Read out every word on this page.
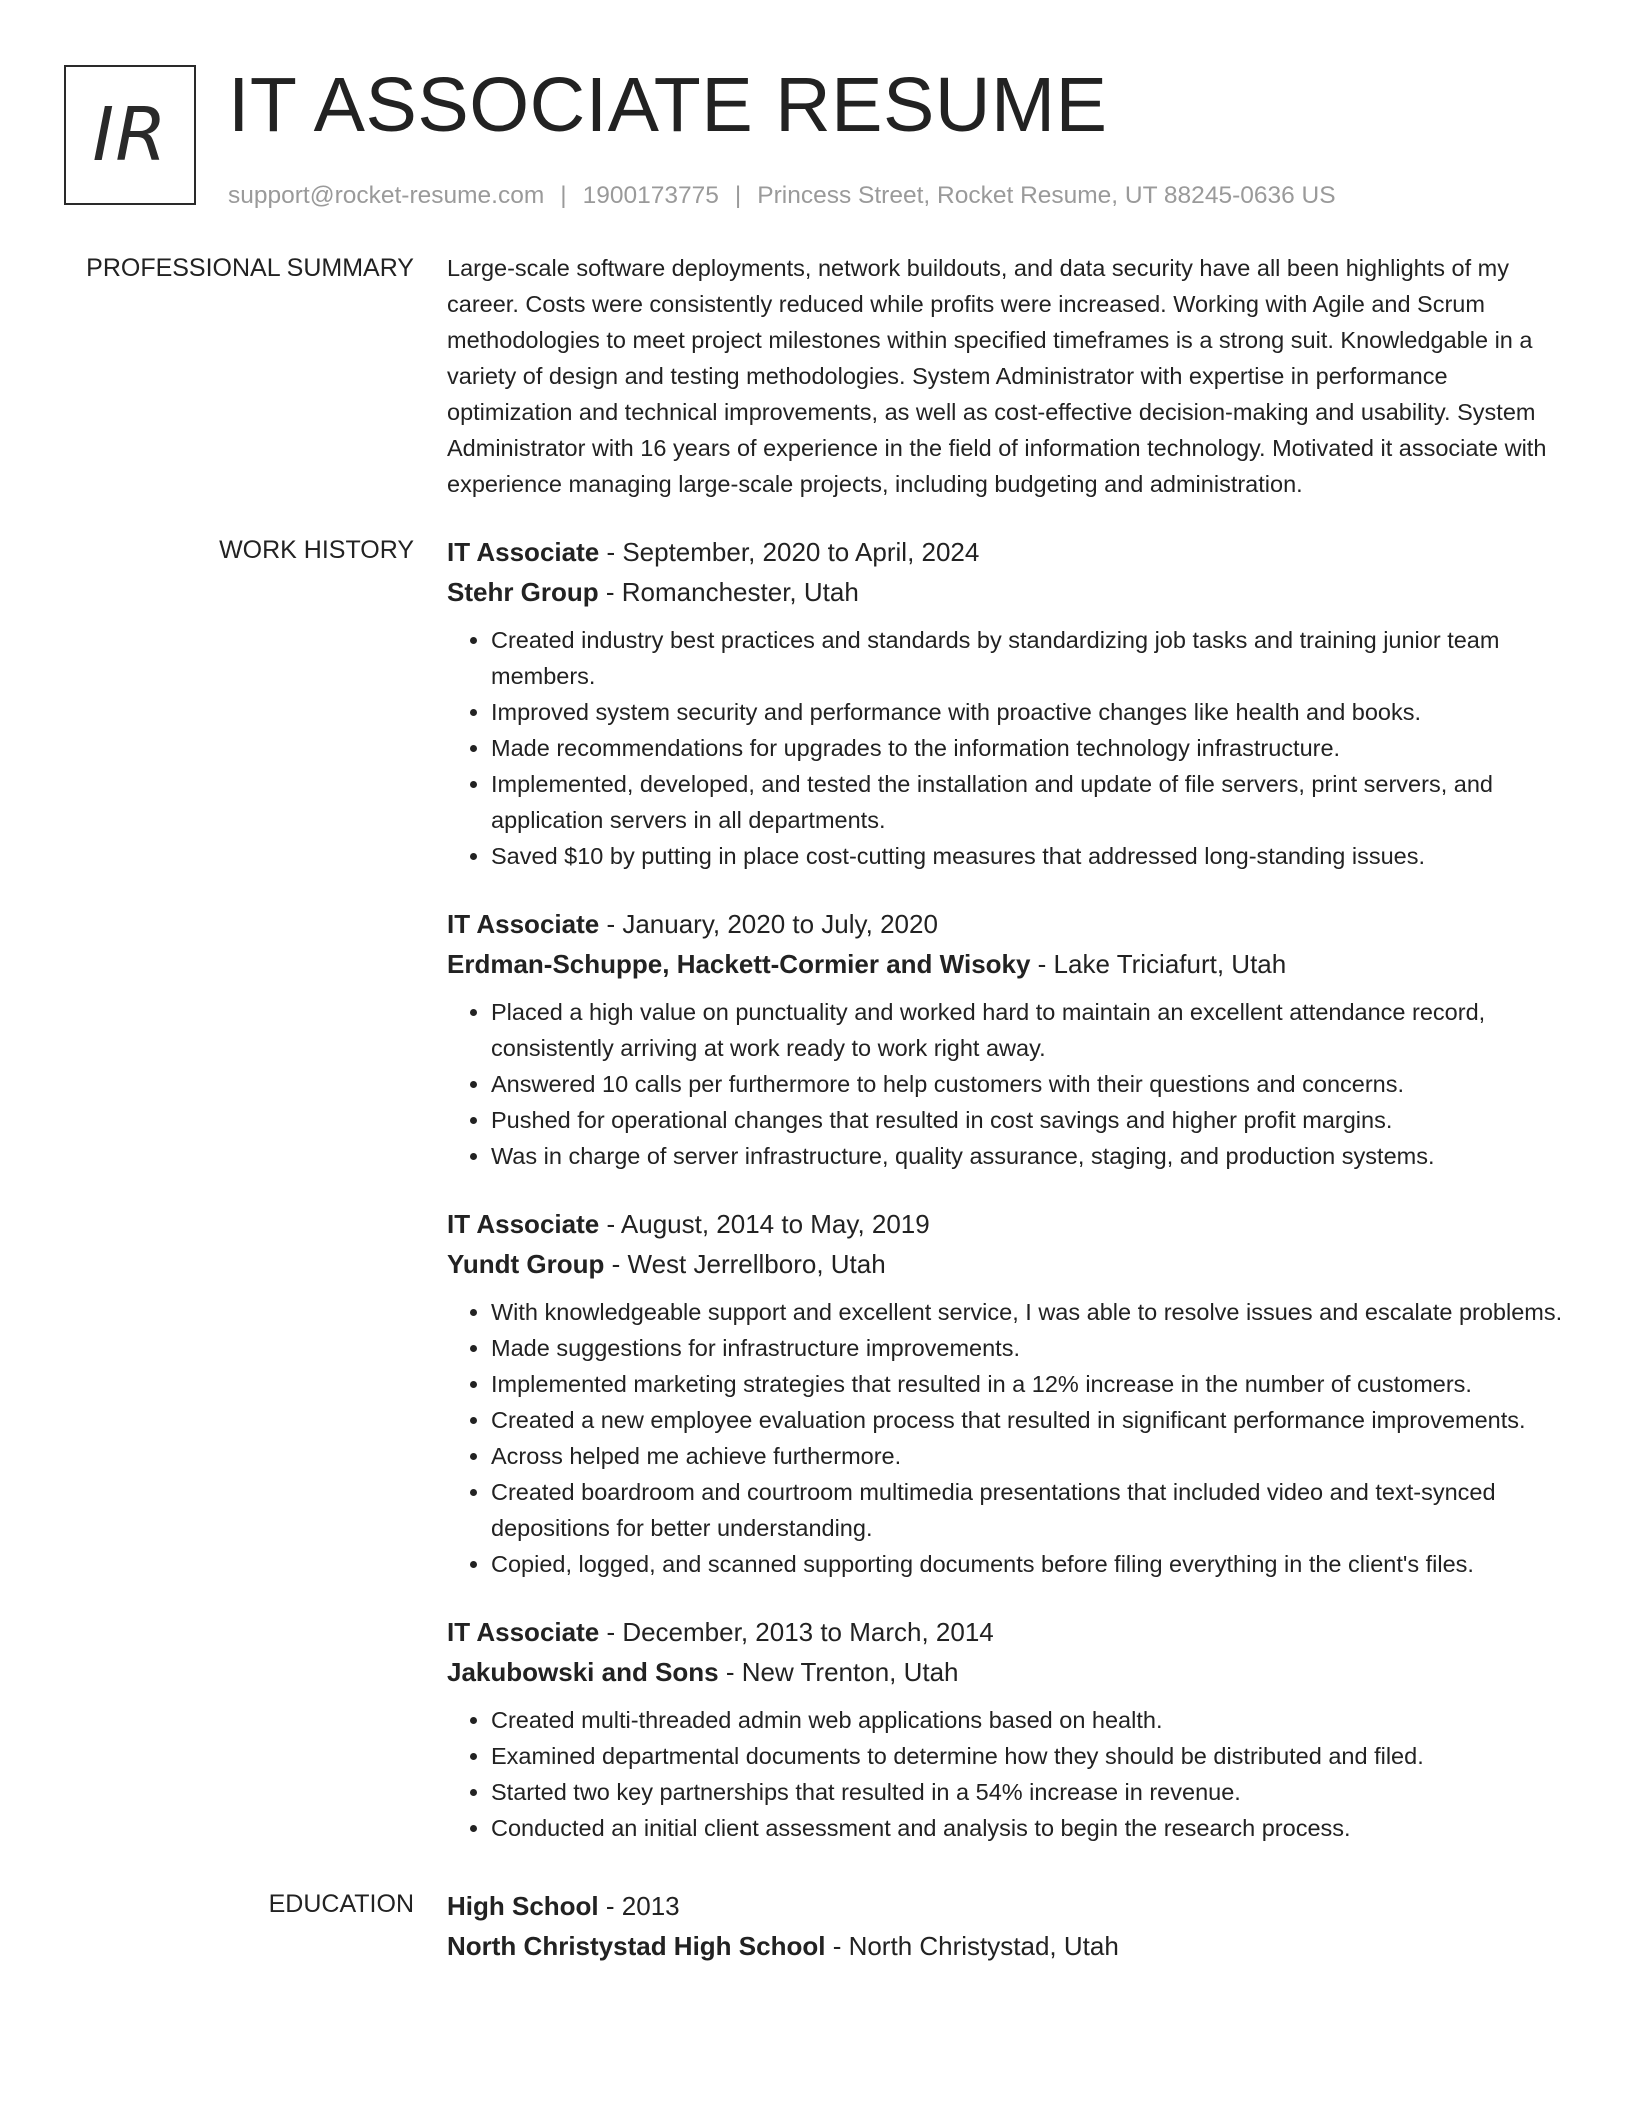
IR IT ASSOCIATE RESUME
support@rocket-resume.com | 1900173775 | Princess Street, Rocket Resume, UT 88245-0636 US
PROFESSIONAL SUMMARY Large-scale software deployments, network buildouts, and data security have all been highlights of my career. Costs were consistently reduced while profits were increased. Working with Agile and Scrum methodologies to meet project milestones within specified timeframes is a strong suit. Knowledgable in a variety of design and testing methodologies. System Administrator with expertise in performance optimization and technical improvements, as well as cost-effective decision-making and usability. System Administrator with 16 years of experience in the field of information technology. Motivated it associate with experience managing large-scale projects, including budgeting and administration.

WORK HISTORY IT Associate - September, 2020 to April, 2024
Stehr Group - Romanchester, Utah
• Created industry best practices and standards by standardizing job tasks and training junior team members.
• Improved system security and performance with proactive changes like health and books.
• Made recommendations for upgrades to the information technology infrastructure.
• Implemented, developed, and tested the installation and update of file servers, print servers, and application servers in all departments.
• Saved $10 by putting in place cost-cutting measures that addressed long-standing issues.
IT Associate - January, 2020 to July, 2020
Erdman-Schuppe, Hackett-Cormier and Wisoky - Lake Triciafurt, Utah
• Placed a high value on punctuality and worked hard to maintain an excellent attendance record, consistently arriving at work ready to work right away.
• Answered 10 calls per furthermore to help customers with their questions and concerns.
• Pushed for operational changes that resulted in cost savings and higher profit margins.
• Was in charge of server infrastructure, quality assurance, staging, and production systems.
IT Associate - August, 2014 to May, 2019
Yundt Group - West Jerrellboro, Utah
• With knowledgeable support and excellent service, I was able to resolve issues and escalate problems.
• Made suggestions for infrastructure improvements.
• Implemented marketing strategies that resulted in a 12% increase in the number of customers.
• Created a new employee evaluation process that resulted in significant performance improvements.
• Across helped me achieve furthermore.
• Created boardroom and courtroom multimedia presentations that included video and text-synced depositions for better understanding.
• Copied, logged, and scanned supporting documents before filing everything in the client's files.
IT Associate - December, 2013 to March, 2014
Jakubowski and Sons - New Trenton, Utah
• Created multi-threaded admin web applications based on health.
• Examined departmental documents to determine how they should be distributed and filed.
• Started two key partnerships that resulted in a 54% increase in revenue.
• Conducted an initial client assessment and analysis to begin the research process.
EDUCATION High School - 2013
North Christystad High School - North Christystad, Utah
